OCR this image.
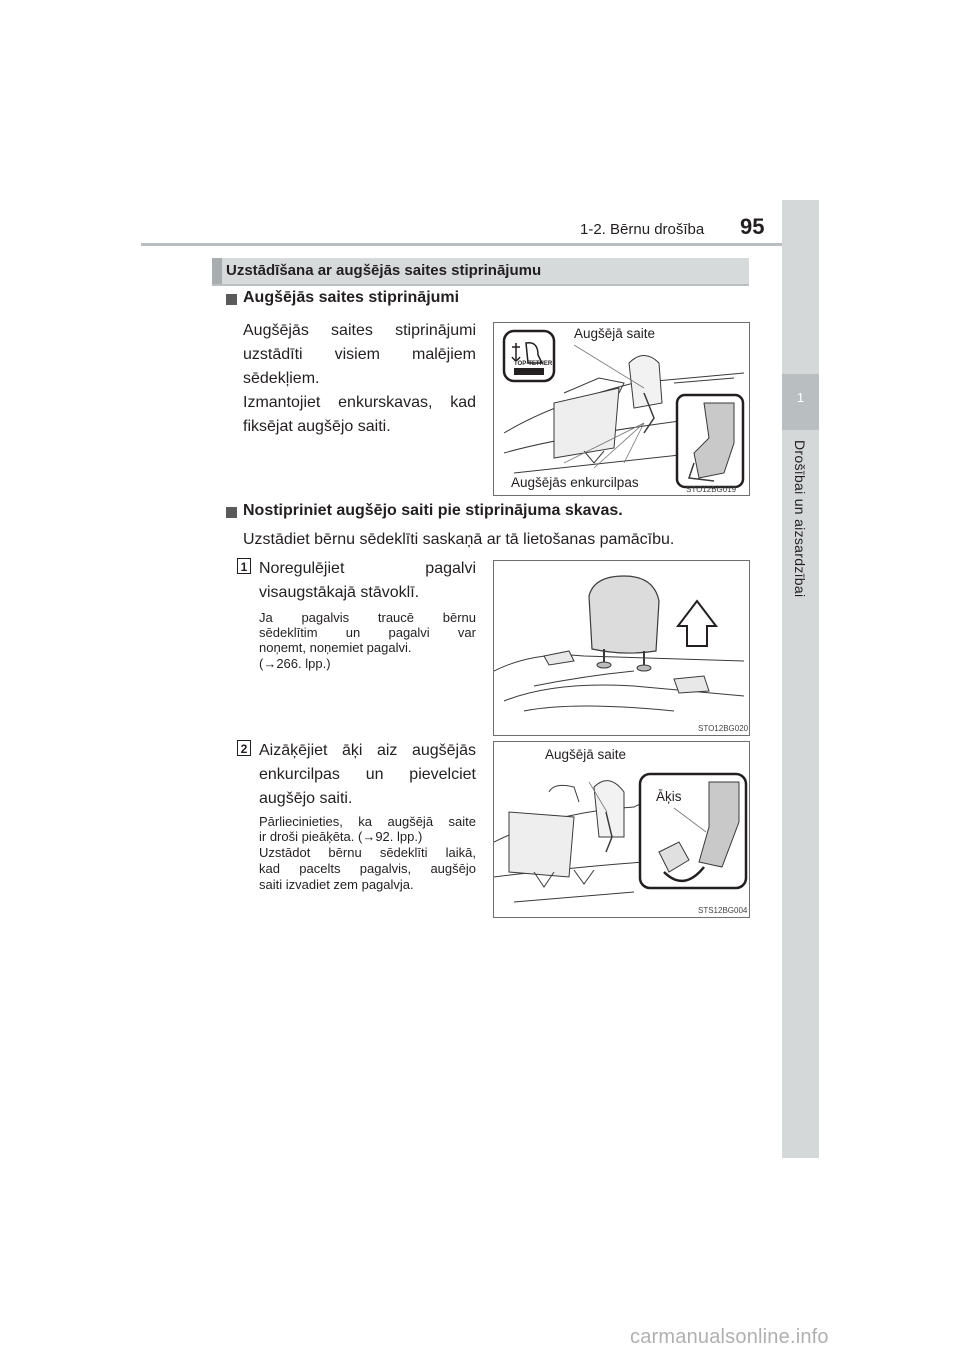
1-2. Bērnu drošība 95
1
Drošībai un aizsardzībai
Uzstādīšana ar augšējās saites stiprinājumu
Augšējās saites stiprinājumi
Augšējās saites stiprinājumi
uzstādīti visiem malējiem
sēdekļiem.
Izmantojiet enkurskavas, kad
fiksējat augšējo saiti.
Augšējā saite
Augšējās enkurcilpas	STO12BG019
TOP-TETHER
Nostipriniet augšējo saiti pie stiprinājuma skavas.
Uzstādiet bērnu sēdeklīti saskaņā ar tā lietošanas pamācību.
1 Noregulējiet pagalvi
visaugstākajā stāvoklī.
Ja pagalvis traucē bērnu
sēdeklītim un pagalvi var
noņemt, noņemiet pagalvi.
(→266. lpp.)
STO12BG020
2 Aizāķējiet āķi aiz augšējās
enkurcilpas un pievelciet
augšējo saiti.
Pārliecinieties, ka augšējā saite
ir droši pieāķēta. (→92. lpp.)
Uzstādot bērnu sēdeklīti laikā,
kad pacelts pagalvis, augšējo
saiti izvadiet zem pagalvja.
Augšējā saite
Āķis
STS12BG004
carmanualsonline.info
